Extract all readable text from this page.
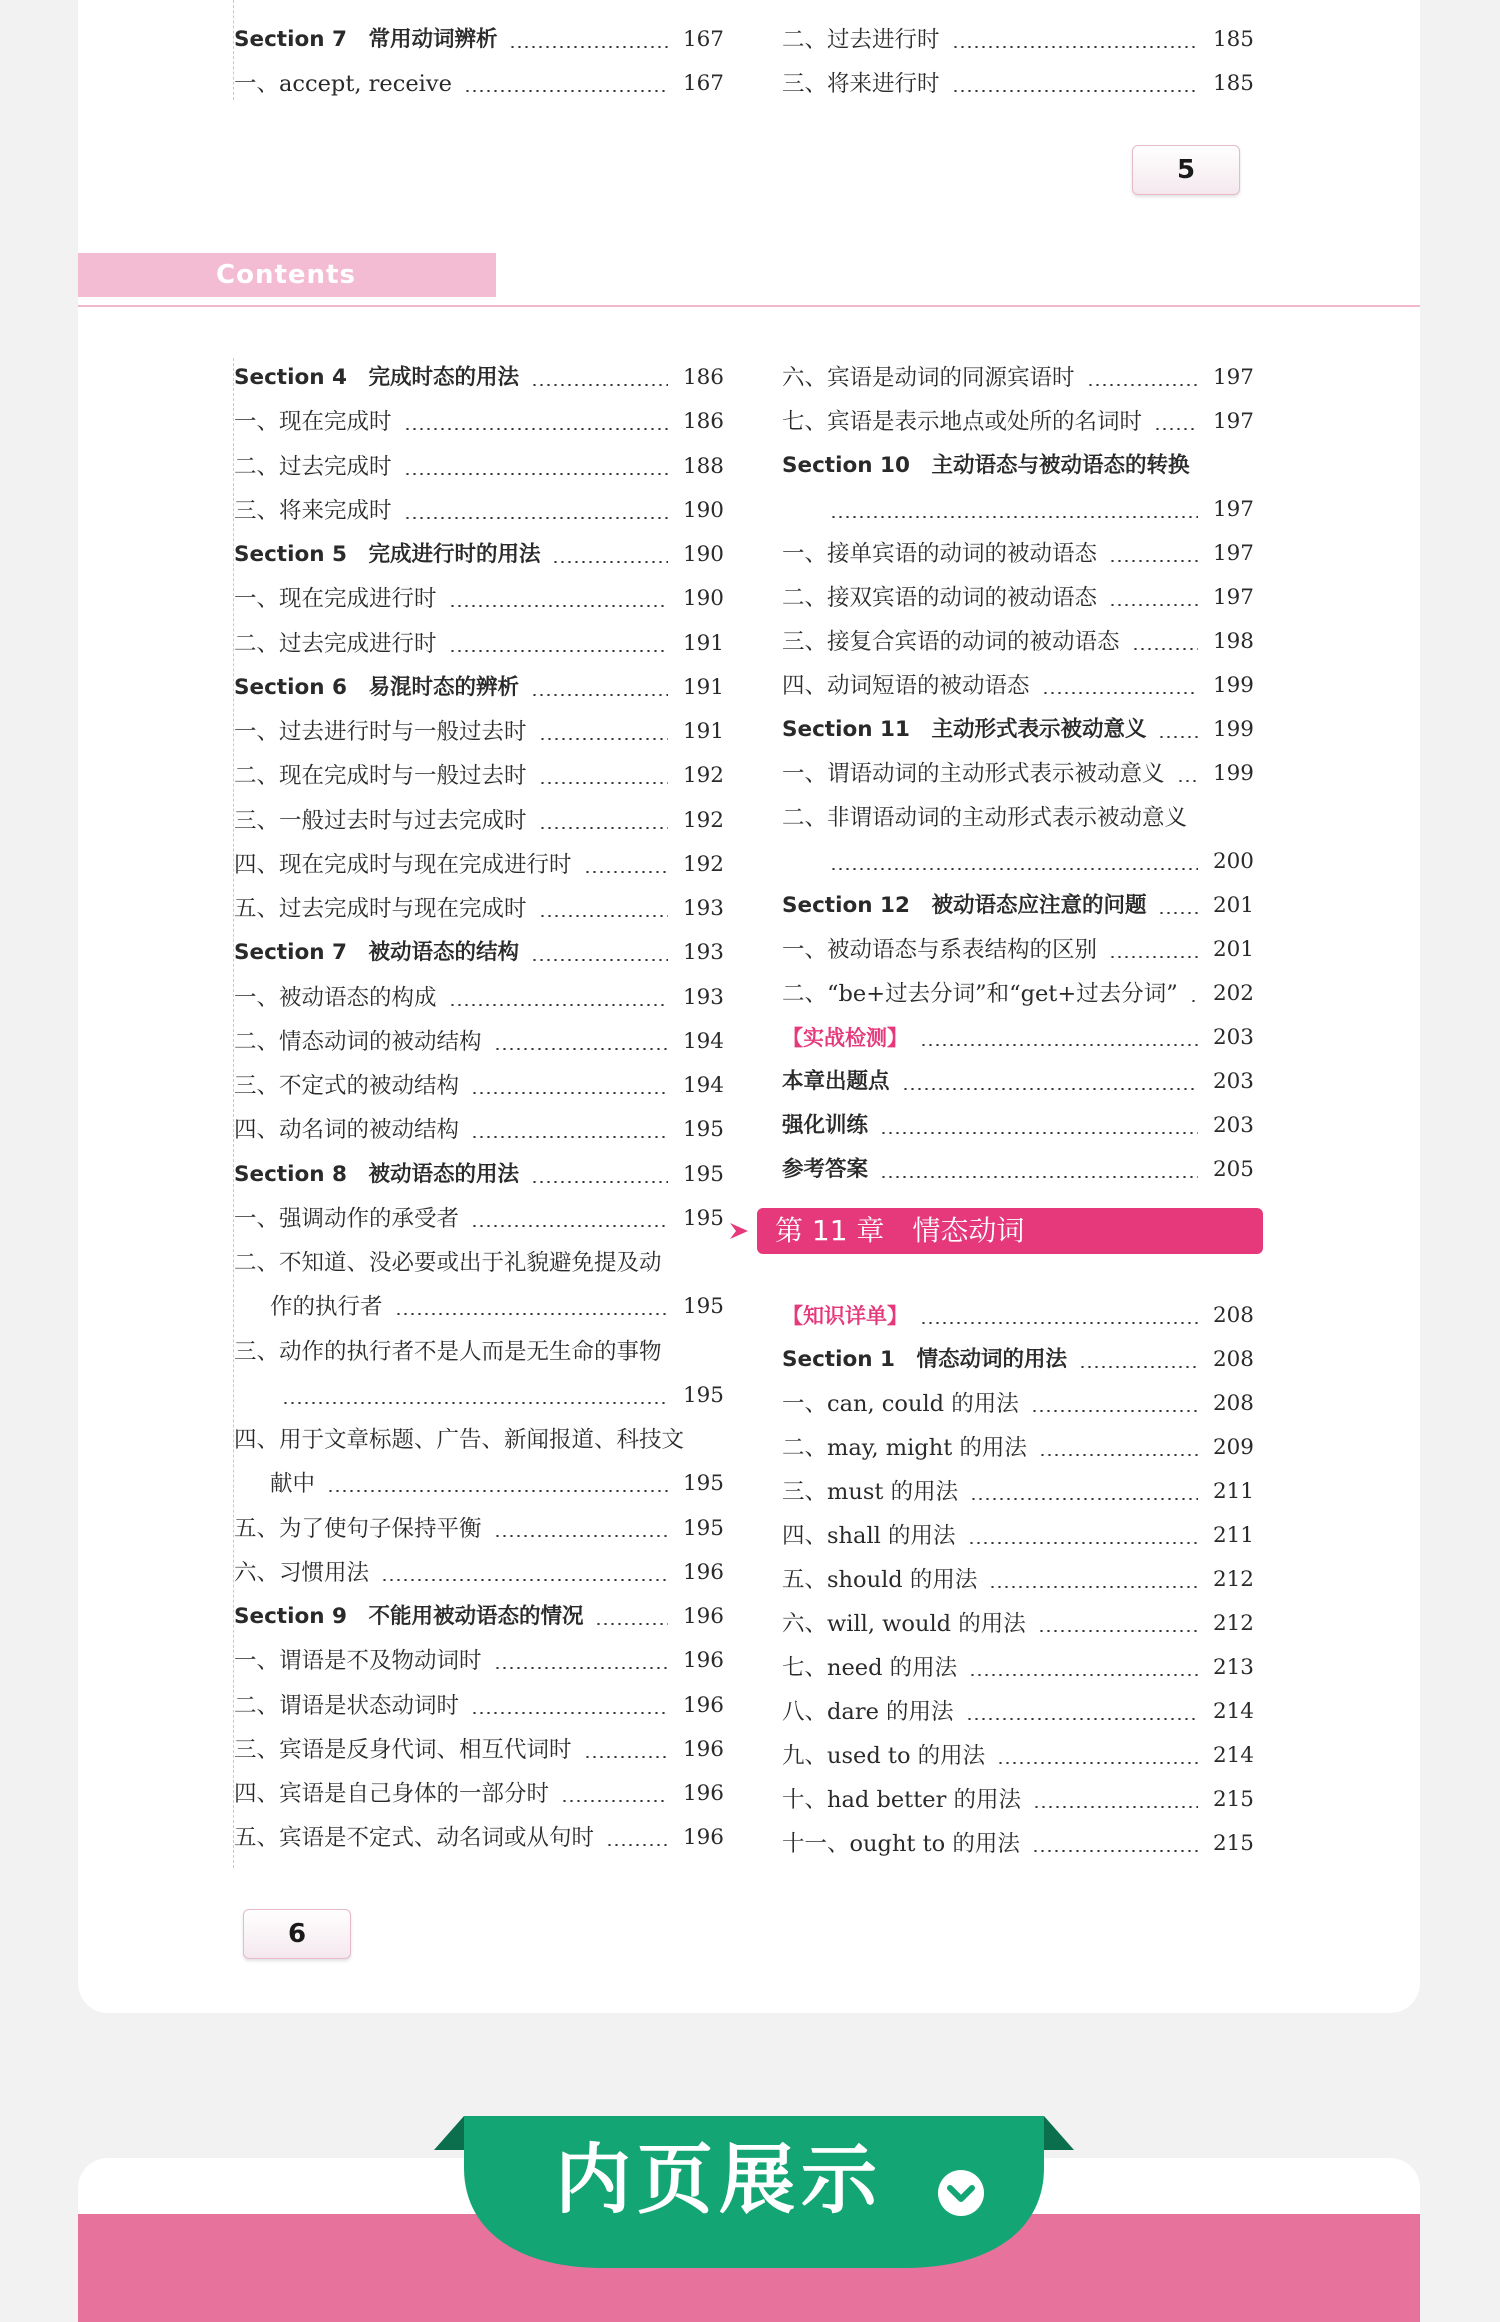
Section 7　常用动词辨析	167
一、accept, receive	167
二、过去进行时	185
三、将来进行时	185
5
Contents
Section 4　完成时态的用法	186
一、现在完成时	186
二、过去完成时	188
三、将来完成时	190
Section 5　完成进行时的用法	190
一、现在完成进行时	190
二、过去完成进行时	191
Section 6　易混时态的辨析	191
一、过去进行时与一般过去时	191
二、现在完成时与一般过去时	192
三、一般过去时与过去完成时	192
四、现在完成时与现在完成进行时	192
五、过去完成时与现在完成时	193
Section 7　被动语态的结构	193
一、被动语态的构成	193
二、情态动词的被动结构	194
三、不定式的被动结构	194
四、动名词的被动结构	195
Section 8　被动语态的用法	195
一、强调动作的承受者	195
二、不知道、没必要或出于礼貌避免提及动
作的执行者	195
三、动作的执行者不是人而是无生命的事物
195
四、用于文章标题、广告、新闻报道、科技文
献中	195
五、为了使句子保持平衡	195
六、习惯用法	196
Section 9　不能用被动语态的情况	196
一、谓语是不及物动词时	196
二、谓语是状态动词时	196
三、宾语是反身代词、相互代词时	196
四、宾语是自己身体的一部分时	196
五、宾语是不定式、动名词或从句时	196
六、宾语是动词的同源宾语时	197
七、宾语是表示地点或处所的名词时	197
Section 10　主动语态与被动语态的转换
197
一、接单宾语的动词的被动语态	197
二、接双宾语的动词的被动语态	197
三、接复合宾语的动词的被动语态	198
四、动词短语的被动语态	199
Section 11　主动形式表示被动意义	199
一、谓语动词的主动形式表示被动意义 199
二、非谓语动词的主动形式表示被动意义
200
Section 12　被动语态应注意的问题	201
一、被动语态与系表结构的区别	201
二、“be+过去分词”和“get+过去分词” 202
【实战检测】	203
本章出题点	203
强化训练	203
参考答案	205
第 11 章　情态动词
【知识详单】	208
Section 1　情态动词的用法	208
一、can, could 的用法	208
二、may, might 的用法	209
三、must 的用法	211
四、shall 的用法	211
五、should 的用法	212
六、will, would 的用法	212
七、need 的用法	213
八、dare 的用法	214
九、used to 的用法	214
十、had better 的用法	215
十一、ought to 的用法	215
6
内页展示
